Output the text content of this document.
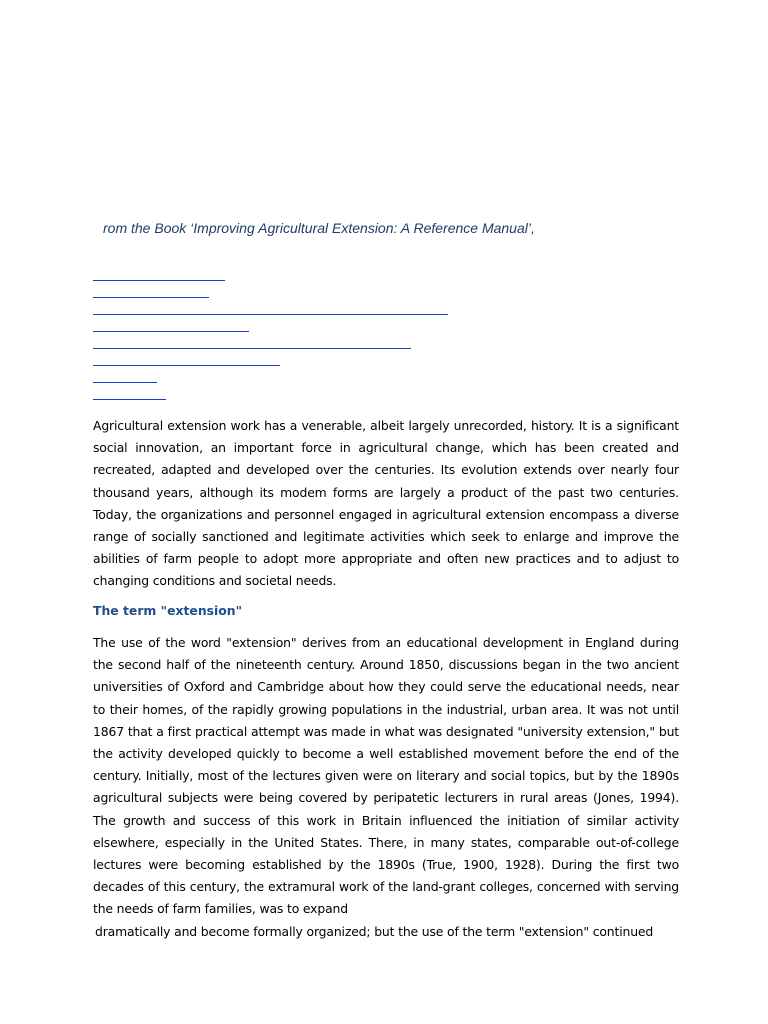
rom the Book ‘Improving Agricultural Extension: A Reference Manual’,

Agricultural extension work has a venerable, albeit largely unrecorded, history. It is a significant social innovation, an important force in agricultural change, which has been created and recreated, adapted and developed over the centuries. Its evolution extends over nearly four thousand years, although its modem forms are largely a product of the past two centuries. Today, the organizations and personnel engaged in agricultural extension encompass a diverse range of socially sanctioned and legitimate activities which seek to enlarge and improve the abilities of farm people to adopt more appropriate and often new practices and to adjust to changing conditions and societal needs.

The term "extension"

The use of the word "extension" derives from an educational development in England during the second half of the nineteenth century. Around 1850, discussions began in the two ancient universities of Oxford and Cambridge about how they could serve the educational needs, near to their homes, of the rapidly growing populations in the industrial, urban area. It was not until 1867 that a first practical attempt was made in what was designated "university extension," but the activity developed quickly to become a well established movement before the end of the century. Initially, most of the lectures given were on literary and social topics, but by the 1890s agricultural subjects were being covered by peripatetic lecturers in rural areas (Jones, 1994). The growth and success of this work in Britain influenced the initiation of similar activity elsewhere, especially in the United States. There, in many states, comparable out-of-college lectures were becoming established by the 1890s (True, 1900, 1928). During the first two decades of this century, the extramural work of the land-grant colleges, concerned with serving the needs of farm families, was to expand

dramatically and become formally organized; but the use of the term "extension" continued
